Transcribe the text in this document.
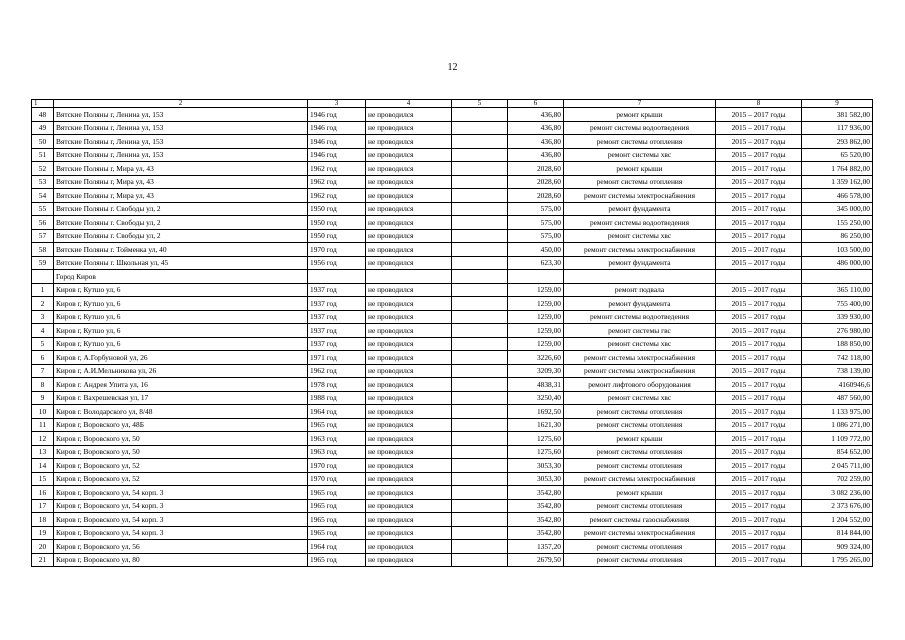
12
1	2	3	4	5	6	7	8	9
48	Вятские Поляны г, Ленина ул, 153	1946 год	не проводился		436,80	ремонт крыши	2015 – 2017 годы	381 582,00
49	Вятские Поляны г, Ленина ул, 153	1946 год	не проводился		436,80	ремонт системы водоотведения	2015 – 2017 годы	117 936,00
50	Вятские Поляны г, Ленина ул, 153	1946 год	не проводился		436,80	ремонт системы отопления	2015 – 2017 годы	293 862,00
51	Вятские Поляны г, Ленина ул, 153	1946 год	не проводился		436,80	ремонт системы хвс	2015 – 2017 годы	65 520,00
52	Вятские Поляны г, Мира ул, 43	1962 год	не проводился		2028,60	ремонт крыши	2015 – 2017 годы	1 764 882,00
53	Вятские Поляны г, Мира ул, 43	1962 год	не проводился		2028,60	ремонт системы отопления	2015 – 2017 годы	1 359 162,00
54	Вятские Поляны г, Мира ул, 43	1962 год	не проводился		2028,60	ремонт системы электроснабжения	2015 – 2017 годы	466 578,00
55	Вятские Поляны г. Свободы ул, 2	1950 год	не проводился		575,00	ремонт фундамента	2015 – 2017 годы	345 000,00
56	Вятские Поляны г. Свободы ул, 2	1950 год	не проводился		575,00	ремонт системы водоотведения	2015 – 2017 годы	155 250,00
57	Вятские Поляны г. Свободы ул, 2	1950 год	не проводился		575,00	ремонт системы хвс	2015 – 2017 годы	86 250,00
58	Вятские Поляны г. Тойменка ул, 40	1970 год	не проводился		450,00	ремонт системы электроснабжения	2015 – 2017 годы	103 500,00
59	Вятские Поляны г. Школьная ул, 45	1956 год	не проводился		623,30	ремонт фундамента	2015 – 2017 годы	486 000,00
	Город Киров							
1	Киров г, Кутшо ул, 6	1937 год	не проводился		1259,00	ремонт подвала	2015 – 2017 годы	365 110,00
2	Киров г, Кутшо ул, 6	1937 год	не проводился		1259,00	ремонт фундамента	2015 – 2017 годы	755 400,00
3	Киров г, Кутшо ул, 6	1937 год	не проводился		1259,00	ремонт системы водоотведения	2015 – 2017 годы	339 930,00
4	Киров г, Кутшо ул, 6	1937 год	не проводился		1259,00	ремонт системы гвс	2015 – 2017 годы	276 980,00
5	Киров г, Кутшо ул, 6	1937 год	не проводился		1259,00	ремонт системы хвс	2015 – 2017 годы	188 850,00
6	Киров г, А.Горбуновой ул, 26	1971 год	не проводился		3226,60	ремонт системы электроснабжения	2015 – 2017 годы	742 118,00
7	Киров г, А.И.Мельникова ул, 26	1962 год	не проводился		3209,30	ремонт системы электроснабжения	2015 – 2017 годы	738 139,00
8	Киров г. Андрея Упита ул, 16	1978 год	не проводился		4838,31	ремонт лифтового оборудования	2015 – 2017 годы	4160946,6
9	Киров г. Вахрешевская ул, 17	1988 год	не проводился		3250,40	ремонт системы хвс	2015 – 2017 годы	487 560,00
10	Киров г. Володарского ул, 8/48	1964 год	не проводился		1692,50	ремонт системы отопления	2015 – 2017 годы	1 133 975,00
11	Киров г, Воровского ул, 48Б	1965 год	не проводился		1621,30	ремонт системы отопления	2015 – 2017 годы	1 086 271,00
12	Киров г, Воровского ул, 50	1963 год	не проводился		1275,60	ремонт крыши	2015 – 2017 годы	1 109 772,00
13	Киров г, Воровского ул, 50	1963 год	не проводился		1275,60	ремонт системы отопления	2015 – 2017 годы	854 652,00
14	Киров г, Воровского ул, 52	1970 год	не проводился		3053,30	ремонт системы отопления	2015 – 2017 годы	2 045 711,00
15	Киров г, Воровского ул, 52	1970 год	не проводился		3053,30	ремонт системы электроснабжения	2015 – 2017 годы	702 259,00
16	Киров г, Воровского ул, 54 корп. 3	1965 год	не проводился		3542,80	ремонт крыши	2015 – 2017 годы	3 082 236,00
17	Киров г, Воровского ул, 54 корп. 3	1965 год	не проводился		3542,80	ремонт системы отопления	2015 – 2017 годы	2 373 676,00
18	Киров г, Воровского ул, 54 корп. 3	1965 год	не проводился		3542,80	ремонт системы газоснабжения	2015 – 2017 годы	1 204 552,00
19	Киров г, Воровского ул, 54 корп. 3	1965 год	не проводился		3542,80	ремонт системы электроснабжения	2015 – 2017 годы	814 844,00
20	Киров г, Воровского ул, 56	1964 год	не проводился		1357,20	ремонт системы отопления	2015 – 2017 годы	909 324,00
21	Киров г, Воровского ул, 80	1965 год	не проводился		2679,50	ремонт системы отопления	2015 – 2017 годы	1 795 265,00
